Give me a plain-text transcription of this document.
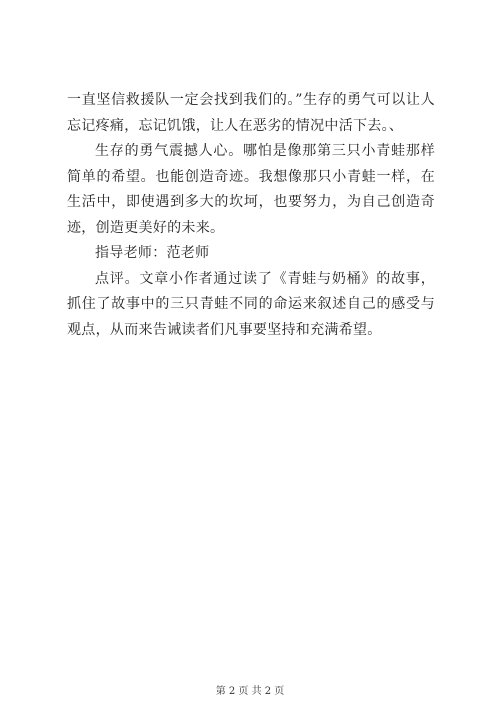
一直坚信救援队一定会找到我们的。”生存的勇气可以让人忘记疼痛，忘记饥饿，让人在恶劣的情况中活下去。、

生存的勇气震撼人心。哪怕是像那第三只小青蛙那样简单的希望。也能创造奇迹。我想像那只小青蛙一样，在生活中，即使遇到多大的坎坷，也要努力，为自己创造奇迹，创造更美好的未来。

指导老师：范老师

点评。文章小作者通过读了《青蛙与奶桶》的故事，抓住了故事中的三只青蛙不同的命运来叙述自己的感受与观点，从而来告诫读者们凡事要坚持和充满希望。

第 2 页 共 2 页
